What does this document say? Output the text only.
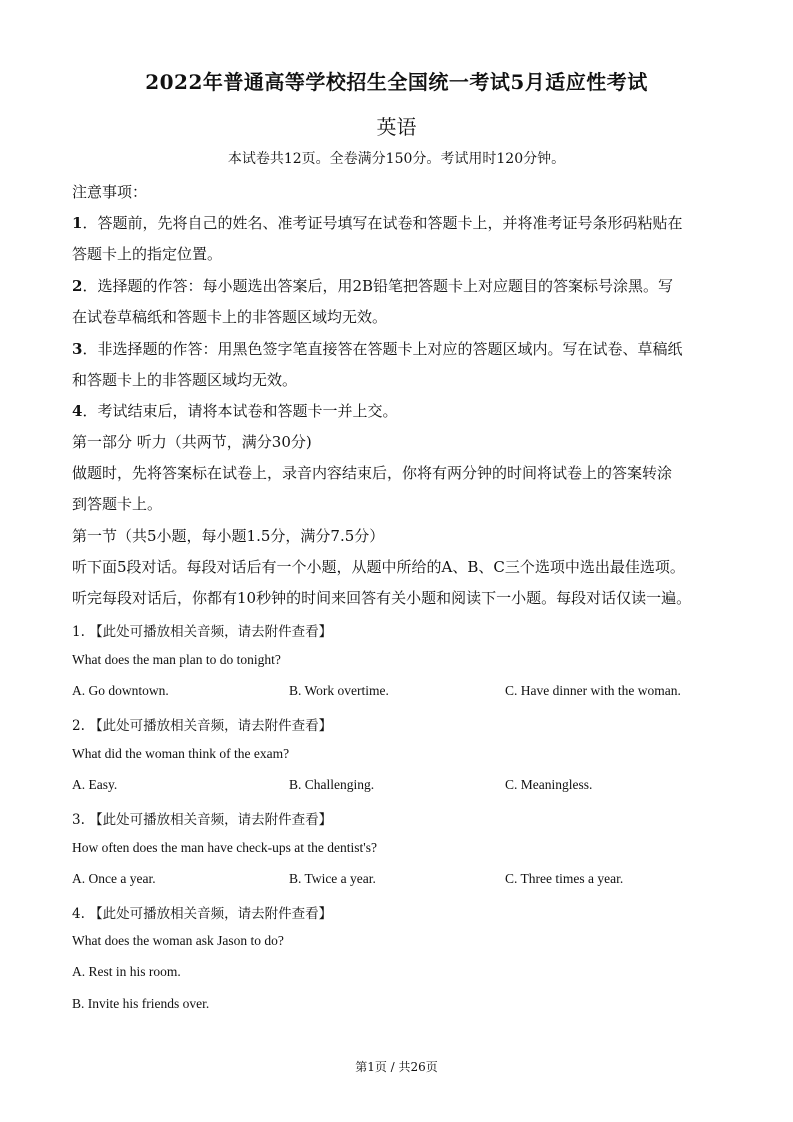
2022年普通高等学校招生全国统一考试5月适应性考试
英语
本试卷共12页。全卷满分150分。考试用时120分钟。
注意事项：
1．答题前，先将自己的姓名、准考证号填写在试卷和答题卡上，并将准考证号条形码粘贴在
答题卡上的指定位置。
2．选择题的作答：每小题选出答案后，用2B铅笔把答题卡上对应题目的答案标号涂黑。写
在试卷草稿纸和答题卡上的非答题区域均无效。
3．非选择题的作答：用黑色签字笔直接答在答题卡上对应的答题区域内。写在试卷、草稿纸
和答题卡上的非答题区域均无效。
4．考试结束后，请将本试卷和答题卡一并上交。
第一部分 听力（共两节，满分30分)
做题时，先将答案标在试卷上，录音内容结束后，你将有两分钟的时间将试卷上的答案转涂
到答题卡上。
第一节（共5小题，每小题1.5分，满分7.5分）
听下面5段对话。每段对话后有一个小题，从题中所给的A、B、C三个选项中选出最佳选项。
听完每段对话后，你都有10秒钟的时间来回答有关小题和阅读下一小题。每段对话仅读一遍。
1. 【此处可播放相关音频，请去附件查看】
What does the man plan to do tonight?
A. Go downtown.	B. Work overtime.	C. Have dinner with the woman.
2. 【此处可播放相关音频，请去附件查看】
What did the woman think of the exam?
A. Easy.	B. Challenging.	C. Meaningless.
3. 【此处可播放相关音频，请去附件查看】
How often does the man have check-ups at the dentist's?
A. Once a year.	B. Twice a year.	C. Three times a year.
4. 【此处可播放相关音频，请去附件查看】
What does the woman ask Jason to do?
A. Rest in his room.
B. Invite his friends over.
第1页 / 共26页
